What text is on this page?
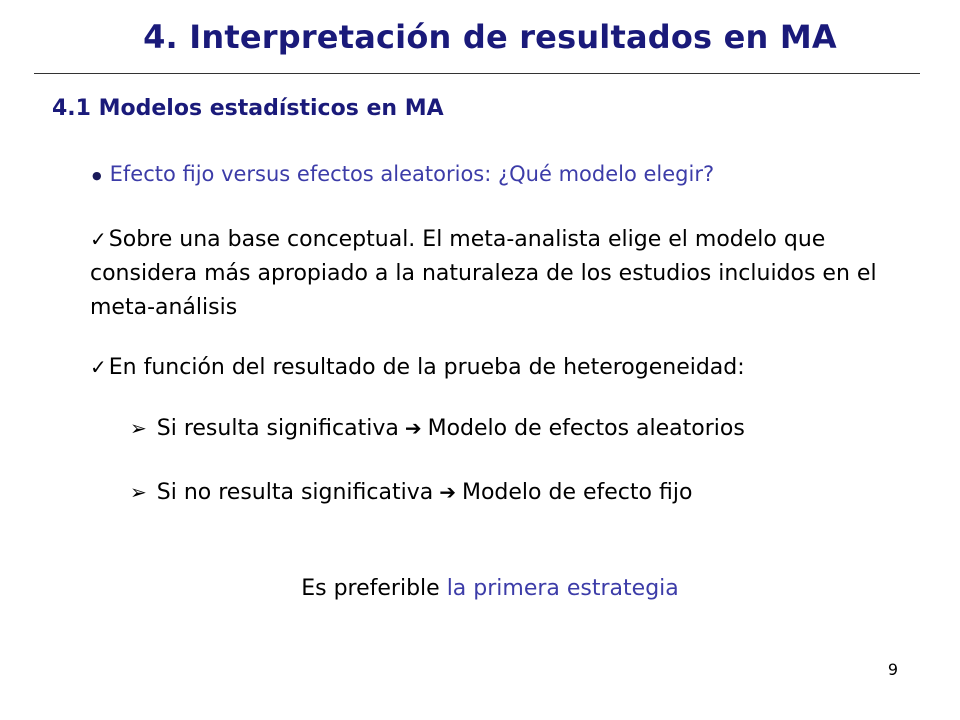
4. Interpretación de resultados en MA
4.1 Modelos estadísticos en MA
● Efecto fijo versus efectos aleatorios: ¿Qué modelo elegir?
✓Sobre una base conceptual. El meta-analista elige el modelo que considera más apropiado a la naturaleza de los estudios incluidos en el meta-análisis
✓En función del resultado de la prueba de heterogeneidad:
➢ Si resulta significativa ➔ Modelo de efectos aleatorios
➢ Si no resulta significativa ➔ Modelo de efecto fijo
Es preferible la primera estrategia
9
